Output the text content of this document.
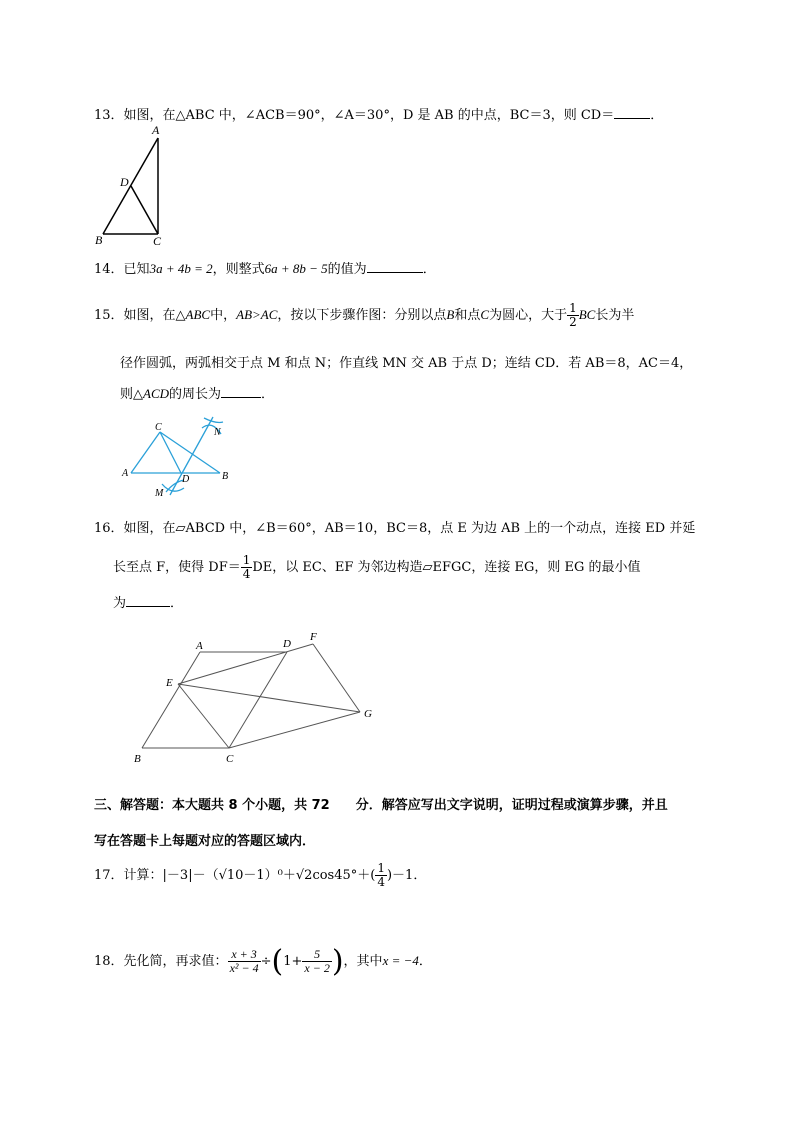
13．如图，在△ABC 中，∠ACB＝90°，∠A＝30°，D 是 AB 的中点，BC＝3，则 CD＝	．
A
D
B	C
14．已知3a + 4b = 2，则整式6a + 8b − 5的值为	．
15．如图，在△ABC中，AB>AC，按以下步骤作图：分别以点B和点C为圆心，大于 $\frac{1}{2}$ BC长为半
径作圆弧，两弧相交于点 M 和点 N；作直线 MN 交 AB 于点 D；连结 CD．若 AB＝8，AC＝4，
则△ACD的周长为	．
C
A
D	B
M
N
16．如图，在▱ABCD 中，∠B＝60°，AB＝10，BC＝8，点 E 为边 AB 上的一个动点，连接 ED 并延
长至点 F，使得 $DF= \frac{1}{4}$ DE，以 EC、EF 为邻边构造▱EFGC，连接 EG，则 EG 的最小值
为	．
A	D
F
E
G
B	C
三、解答题：本大题共 8 个小题，共 72　　分．解答应写出文字说明，证明过程或演算步骤，并且
写在答题卡上每题对应的答题区域内．
17．计算：$|-3|-(√10-1)^0+√2\cos 45^\circ+( \frac{1}{4} )-1$．
18．先化简，再求值： $\frac{x + 3}{\text{x² − 4}} \div(1+ \frac{5}{x - 2}$ )，其中x = −4．
